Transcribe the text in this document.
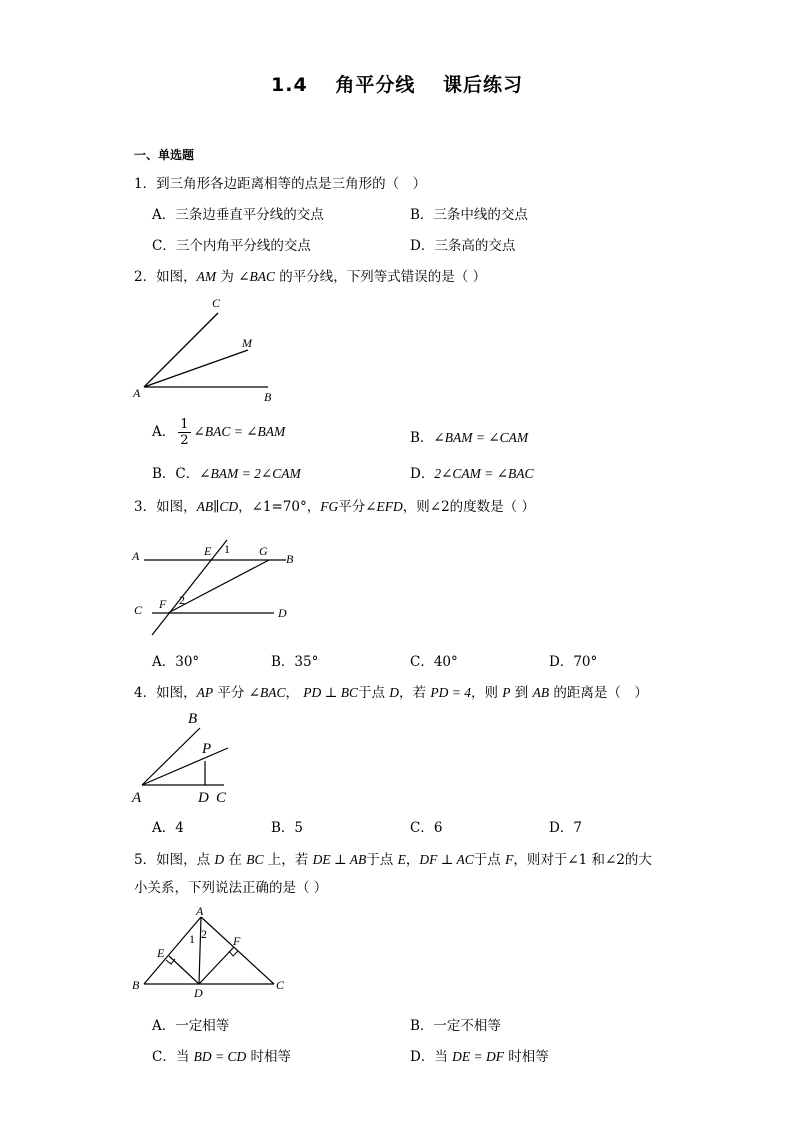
1.4 角平分线 课后练习
一、单选题
1．到三角形各边距离相等的点是三角形的（　）
A．三条边垂直平分线的交点	B．三条中线的交点
C．三个内角平分线的交点	D．三条高的交点
2．如图，AM 为 ∠BAC 的平分线，下列等式错误的是（ ）
C
M
A	B
A． $\frac{1}{2}$ ∠BAC = ∠BAM	B．∠BAM = ∠CAM
B．C．∠BAM = 2∠CAM	D．2∠CAM = ∠BAC
3．如图，AB∥CD，∠1=70°，FG平分∠EFD，则∠2的度数是（ ）
A	E 1 G
B
C F 2
D
A．30°	B．35°	C．40°	D．70°
4．如图，AP 平分 ∠BAC， PD ⊥ BC于点 D，若 PD = 4，则 P 到 AB 的距离是（　）
B
P
A	D C
A．4	B．5	C．6	D．7
5．如图，点 D 在 BC 上，若 DE ⊥ AB于点 E，DF ⊥ AC于点 F，则对于∠1 和∠2的大
小关系，下列说法正确的是（ ）
A
1 2
E
F
B
D
C
A．一定相等	B．一定不相等
C．当 BD = CD 时相等	D．当 DE = DF 时相等
